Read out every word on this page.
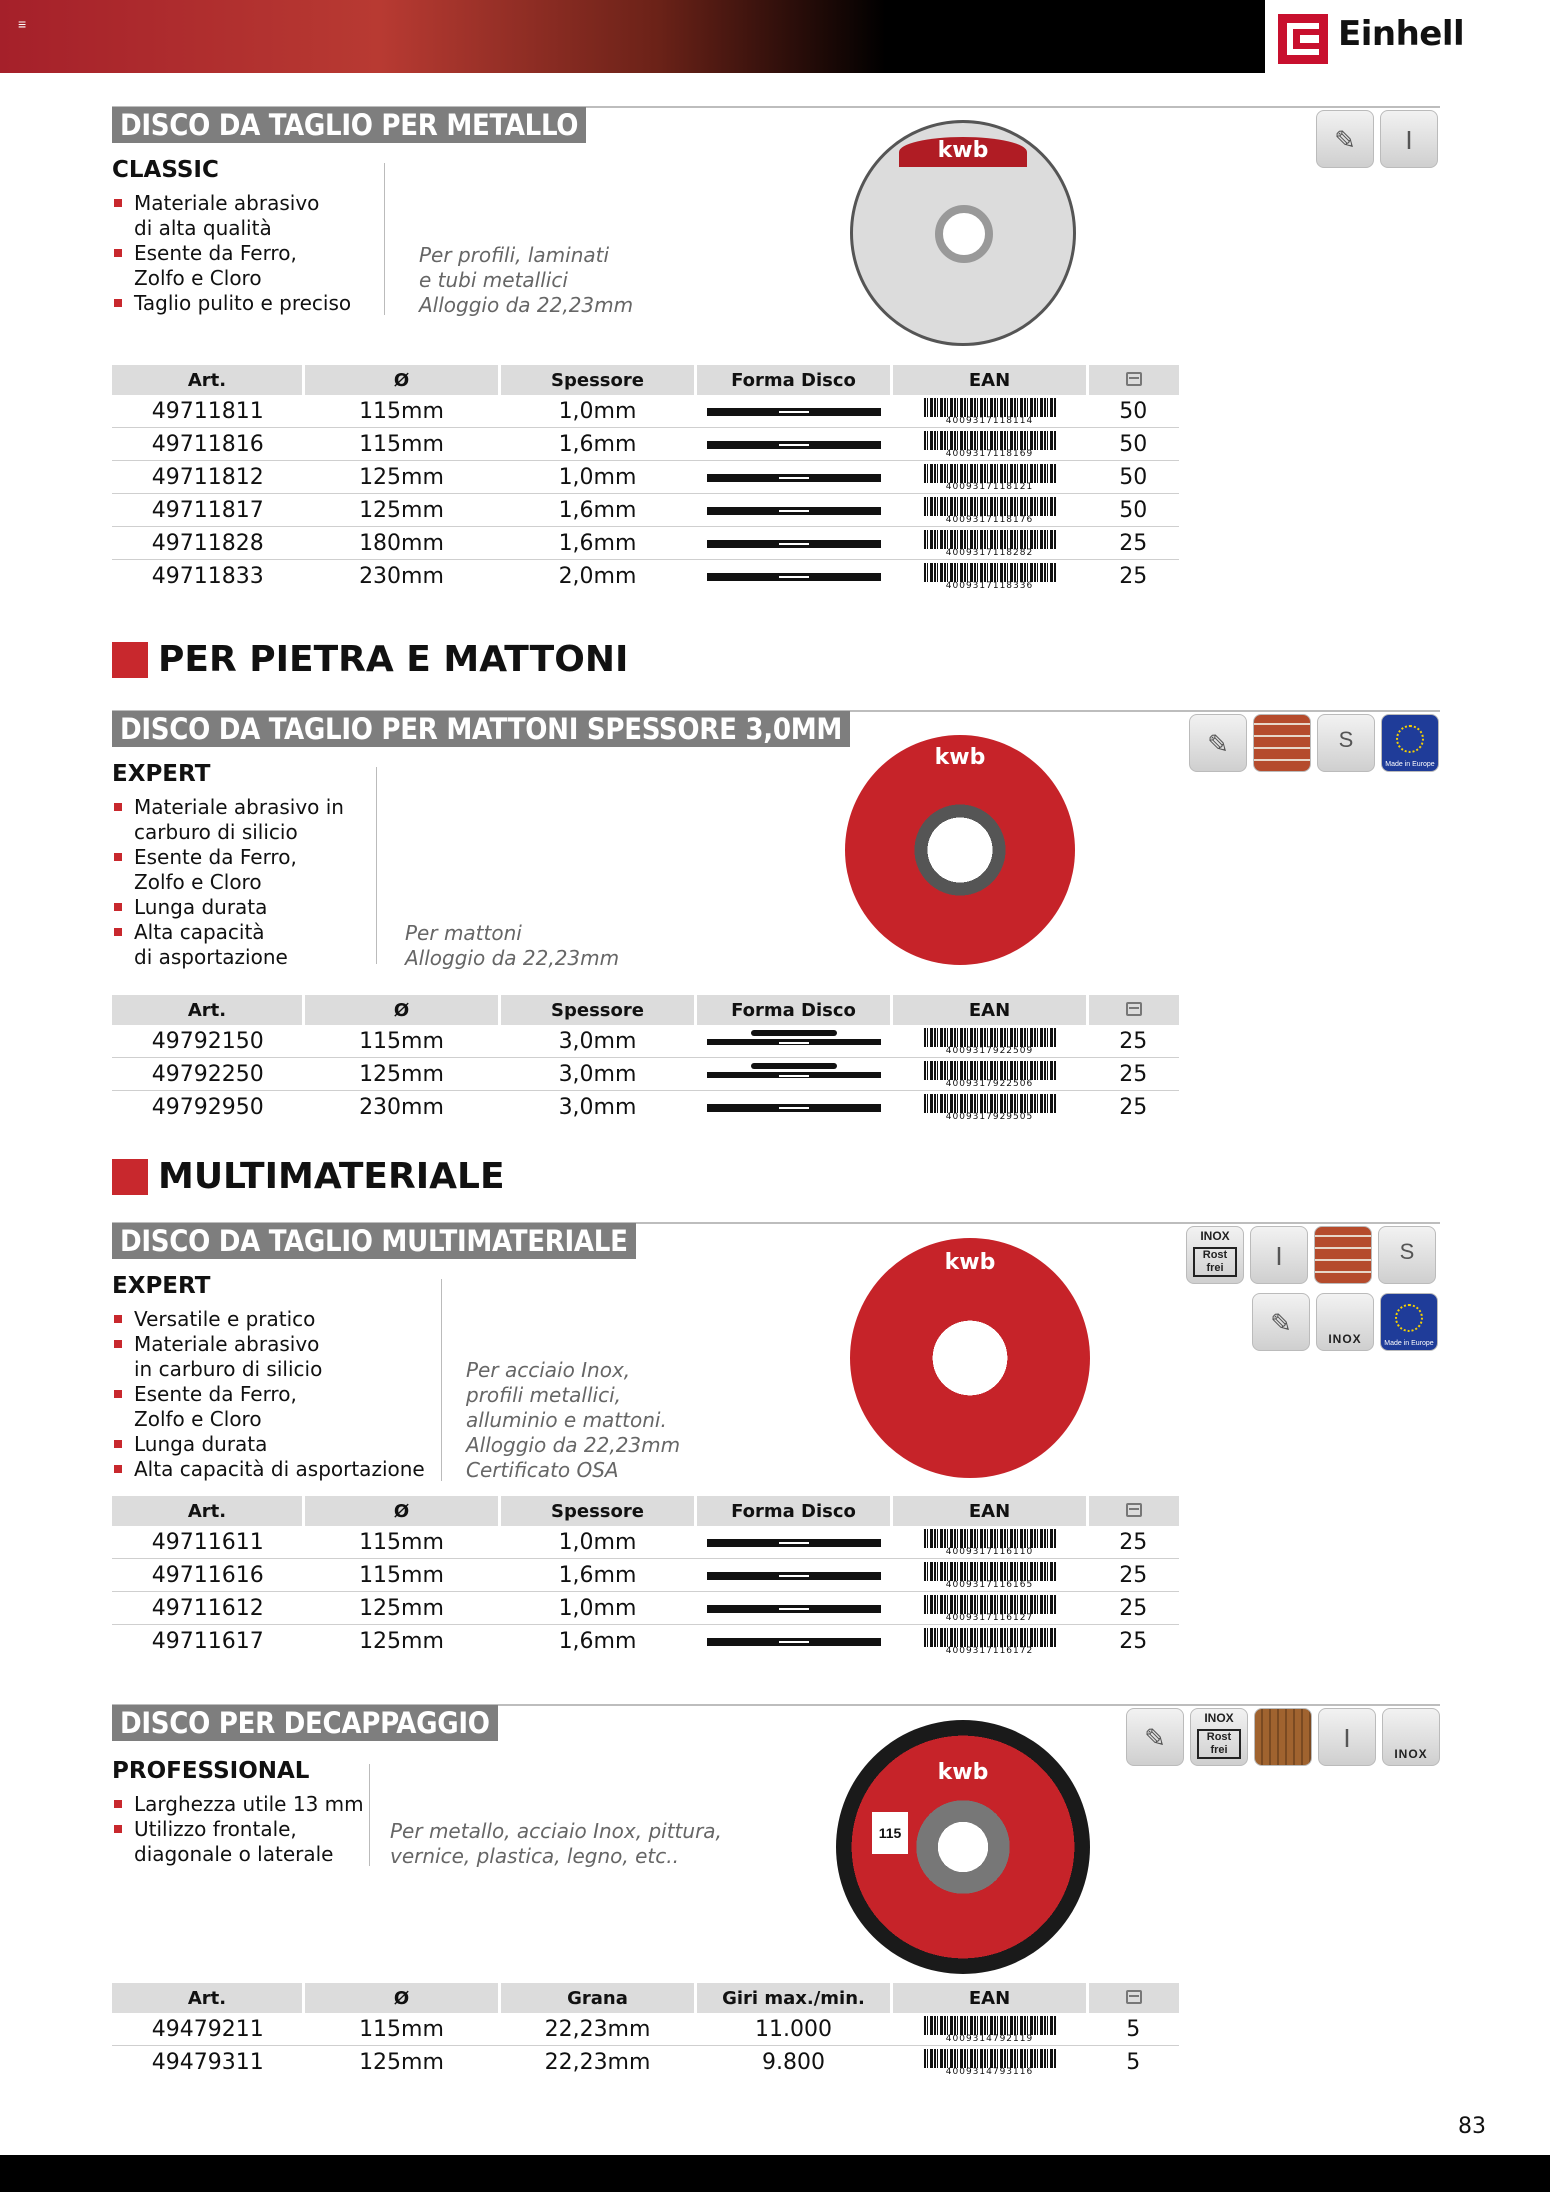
≡	Einhell
DISCO DA TAGLIO PER METALLO	✎	I
CLASSIC
Materiale abrasivo
di alta qualità
Esente da Ferro,
Zolfo e Cloro
Taglio pulito e preciso
Per profili, laminati
e tubi metallici
Alloggio da 22,23mm
kwb
Art.	Ø	Spessore	Forma Disco	EAN	
49711811	115mm	1,0mm		4009317118114	50
49711816	115mm	1,6mm		4009317118169	50
49711812	125mm	1,0mm		4009317118121	50
49711817	125mm	1,6mm		4009317118176	50
49711828	180mm	1,6mm		4009317118282	25
49711833	230mm	2,0mm		4009317118336	25
PER PIETRA E MATTONI
DISCO DA TAGLIO PER MATTONI SPESSORE 3,0MM	✎	S
Made in Europe
EXPERT
Materiale abrasivo in
carburo di silicio
Esente da Ferro,
Zolfo e Cloro
Lunga durata
Alta capacità
di asportazione
Per mattoni
Alloggio da 22,23mm
kwb
Art.	Ø	Spessore	Forma Disco	EAN	
49792150	115mm	3,0mm		4009317922509	25
49792250	125mm	3,0mm		4009317922506	25
49792950	230mm	3,0mm		4009317929505	25
MULTIMATERIALE
DISCO DA TAGLIO MULTIMATERIALE	INOX
Rost frei	I	S
✎
INOX	Made in Europe
EXPERT
Versatile e pratico
Materiale abrasivo
in carburo di silicio
Esente da Ferro,
Zolfo e Cloro
Lunga durata
Alta capacità di asportazione
Per acciaio Inox,
profili metallici,
alluminio e mattoni.
Alloggio da 22,23mm
Certificato OSA
kwb
Art.	Ø	Spessore	Forma Disco	EAN	
49711611	115mm	1,0mm		4009317116110	25
49711616	115mm	1,6mm		4009317116165	25
49711612	125mm	1,0mm		4009317116127	25
49711617	125mm	1,6mm		4009317116172	25
DISCO PER DECAPPAGGIO	✎
INOX
Rost frei	I
INOX
PROFESSIONAL
Larghezza utile 13 mm
Utilizzo frontale,
diagonale o laterale
Per metallo, acciaio Inox, pittura,
vernice, plastica, legno, etc..
kwb
115
Art.	Ø	Grana	Giri max./min.	EAN	
49479211	115mm	22,23mm	11.000	4009314792119	5
49479311	125mm	22,23mm	9.800	4009314793116	5
83
